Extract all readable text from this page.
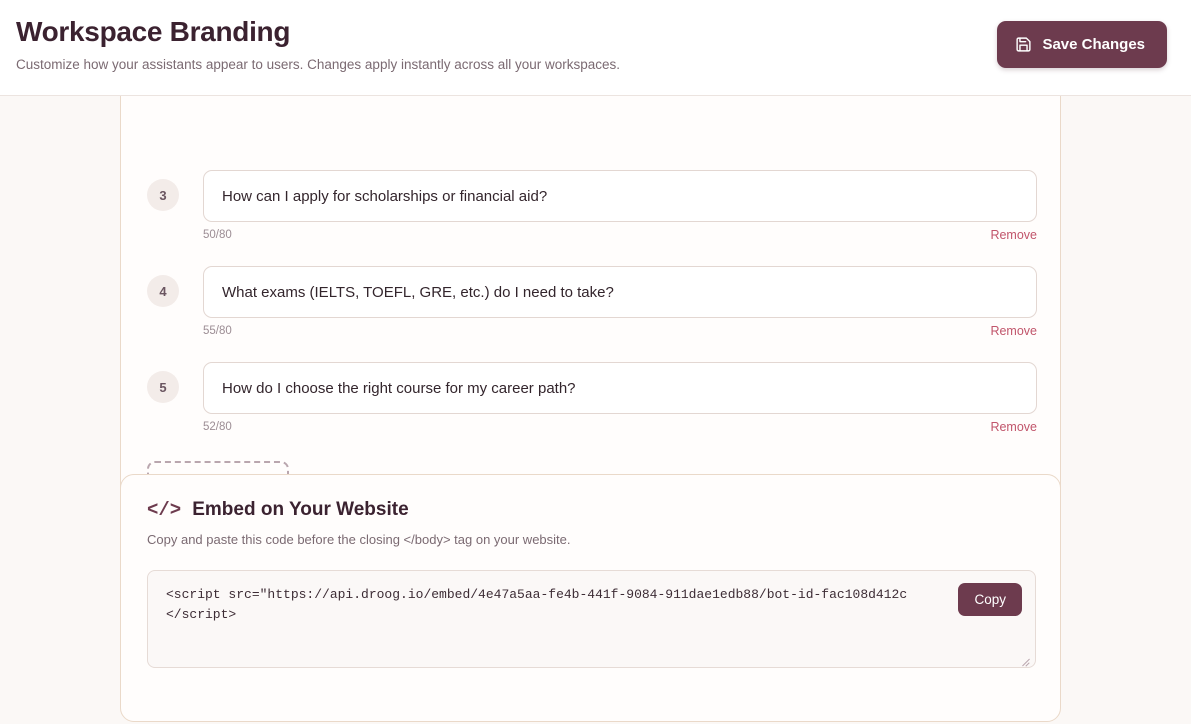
3
How can I apply for scholarships or financial aid?
50/80	Remove
4
What exams (IELTS, TOEFL, GRE, etc.) do I need to take?
55/80	Remove
5
How do I choose the right course for my career path?
52/80	Remove
</> Embed on Your Website
Copy and paste this code before the closing </body> tag on your website.
<script src="https://api.droog.io/embed/4e47a5aa-fe4b-441f-9084-911dae1edb88/bot-id-fac108d412c </script>
Copy
Workspace Branding
Customize how your assistants appear to users. Changes apply instantly across all your workspaces.
Save Changes
